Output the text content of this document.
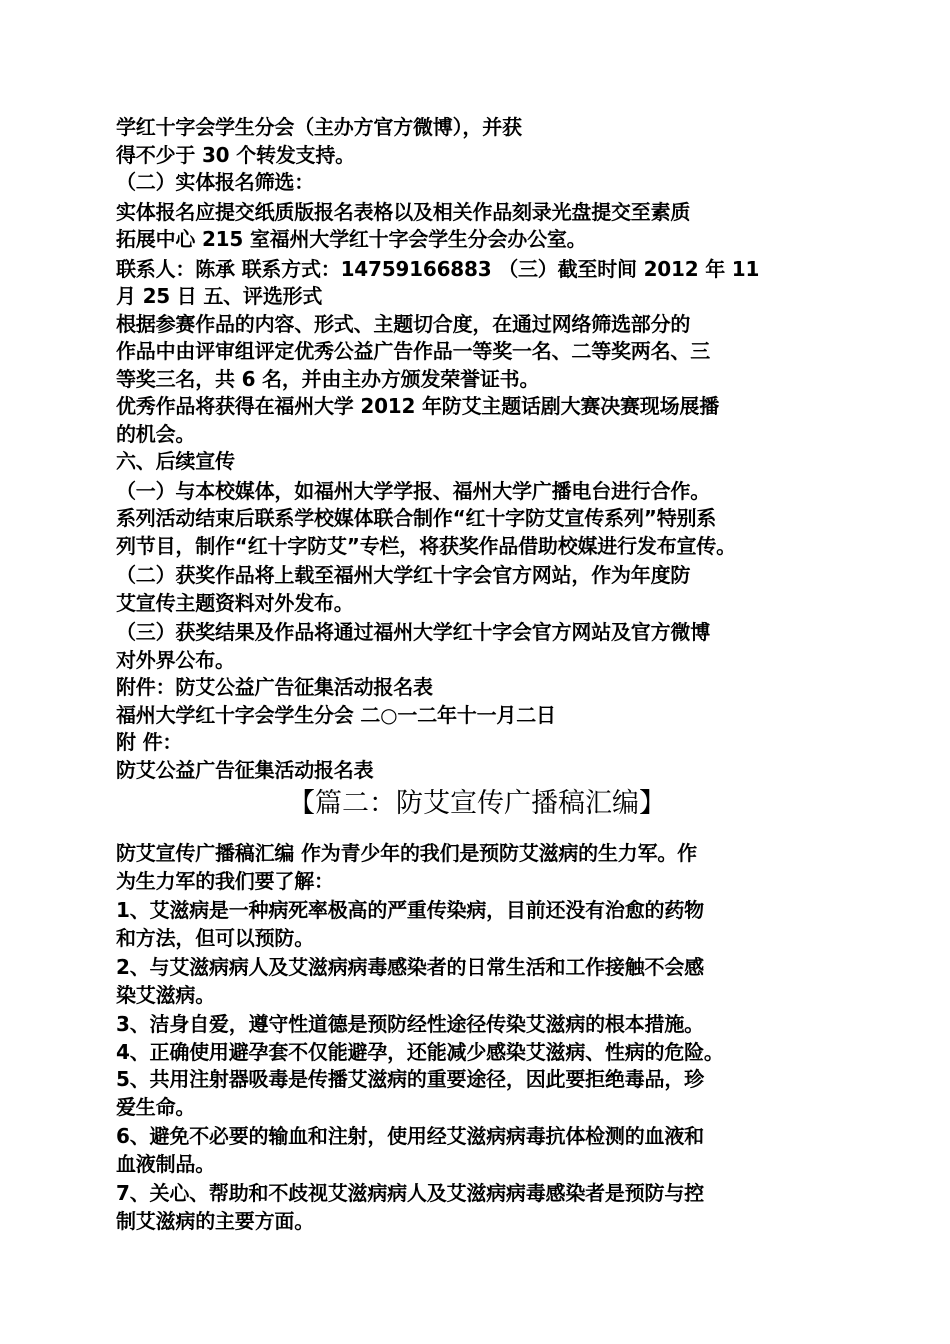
学红十字会学生分会（主办方官方微博），并获
得不少于 30 个转发支持。
（二）实体报名筛选：
实体报名应提交纸质版报名表格以及相关作品刻录光盘提交至素质
拓展中心 215 室福州大学红十字会学生分会办公室。
联系人：陈承 联系方式：14759166883 （三）截至时间 2012 年 11
月 25 日 五、评选形式
根据参赛作品的内容、形式、主题切合度，在通过网络筛选部分的
作品中由评审组评定优秀公益广告作品一等奖一名、二等奖两名、三
等奖三名，共 6 名，并由主办方颁发荣誉证书。
优秀作品将获得在福州大学 2012 年防艾主题话剧大赛决赛现场展播
的机会。
六、后续宣传
（一）与本校媒体，如福州大学学报、福州大学广播电台进行合作。
系列活动结束后联系学校媒体联合制作“红十字防艾宣传系列”特别系
列节目，制作“红十字防艾”专栏，将获奖作品借助校媒进行发布宣传。
（二）获奖作品将上载至福州大学红十字会官方网站，作为年度防
艾宣传主题资料对外发布。
（三）获奖结果及作品将通过福州大学红十字会官方网站及官方微博
对外界公布。
附件：防艾公益广告征集活动报名表
福州大学红十字会学生分会 二○一二年十一月二日
附 件：
防艾公益广告征集活动报名表
【篇二：防艾宣传广播稿汇编】
防艾宣传广播稿汇编 作为青少年的我们是预防艾滋病的生力军。作
为生力军的我们要了解：
1、艾滋病是一种病死率极高的严重传染病，目前还没有治愈的药物
和方法，但可以预防。
2、与艾滋病病人及艾滋病病毒感染者的日常生活和工作接触不会感
染艾滋病。
3、洁身自爱，遵守性道德是预防经性途径传染艾滋病的根本措施。
4、正确使用避孕套不仅能避孕，还能减少感染艾滋病、性病的危险。
5、共用注射器吸毒是传播艾滋病的重要途径，因此要拒绝毒品，珍
爱生命。
6、避免不必要的输血和注射，使用经艾滋病病毒抗体检测的血液和
血液制品。
7、关心、帮助和不歧视艾滋病病人及艾滋病病毒感染者是预防与控
制艾滋病的主要方面。
